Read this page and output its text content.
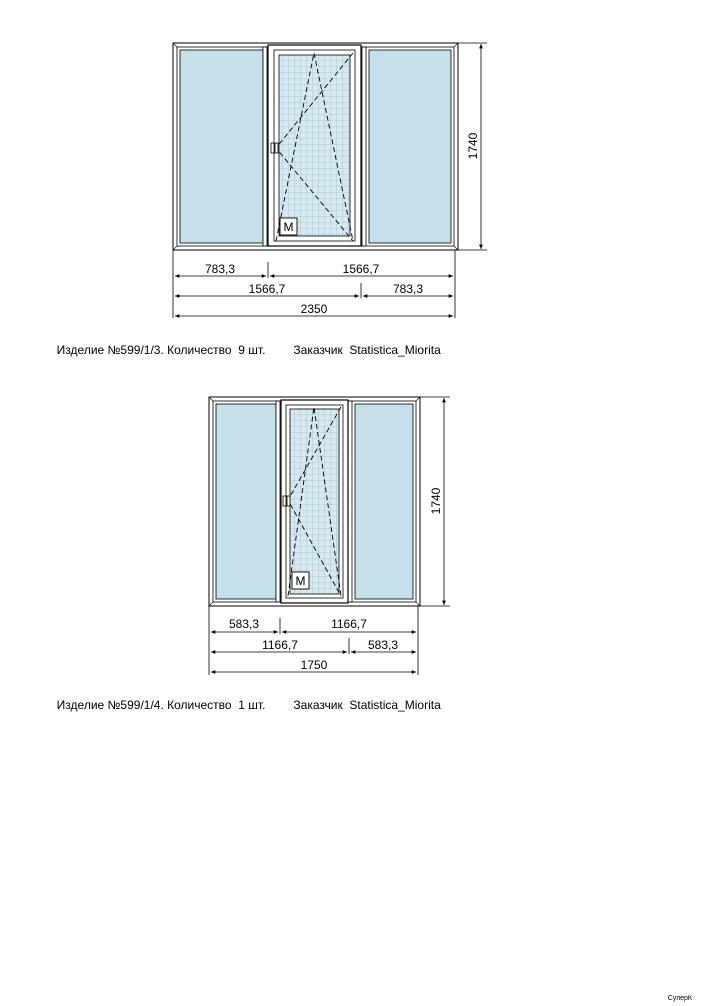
M
1740
783,3	1566,7
1566,7	783,3
2350
M
1740
583,3	1166,7
1166,7	583,3
1750

Изделие №599/1/3. Количество 9 шт. Заказчик Statistica_Miorita

Изделие №599/1/4. Количество 1 шт. Заказчик Statistica_Miorita

СуперК
